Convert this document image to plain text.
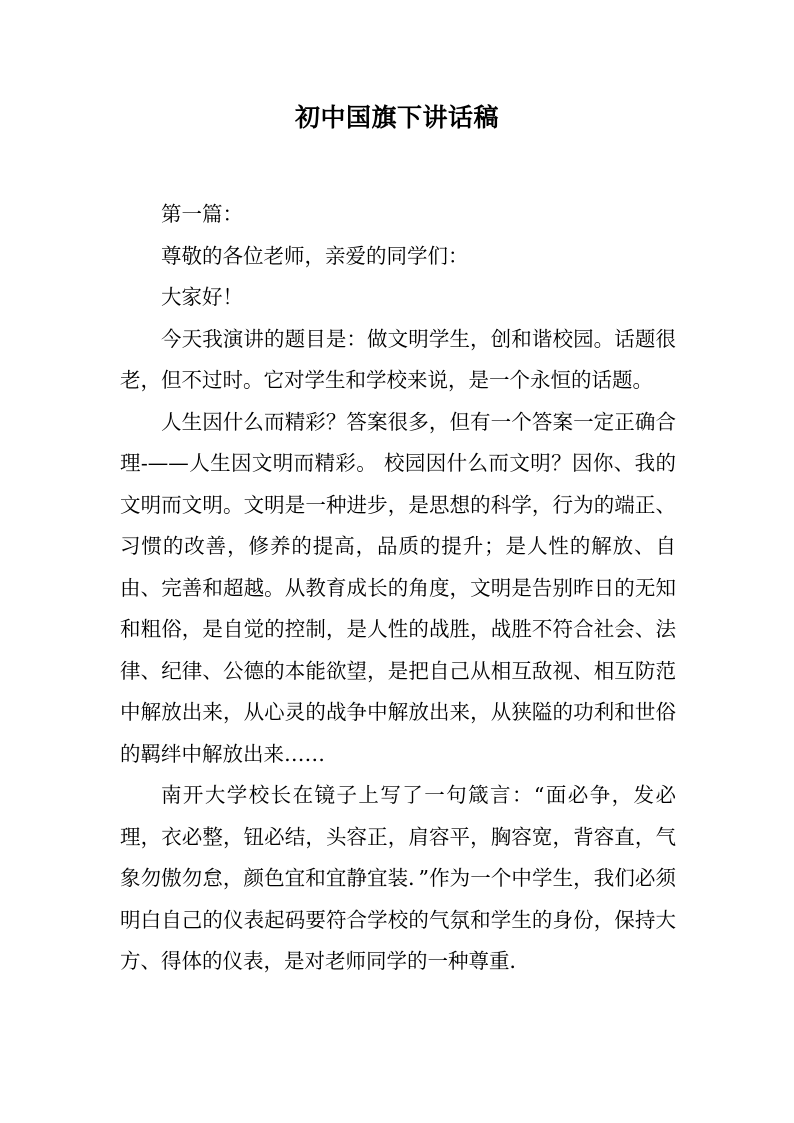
初中国旗下讲话稿

第一篇：

尊敬的各位老师，亲爱的同学们：

大家好！

今天我演讲的题目是：做文明学生，创和谐校园。话题很老，但不过时。它对学生和学校来说，是一个永恒的话题。

人生因什么而精彩？答案很多，但有一个答案一定正确合理-——人生因文明而精彩。 校园因什么而文明？因你、我的文明而文明。文明是一种进步，是思想的科学，行为的端正、习惯的改善，修养的提高，品质的提升；是人性的解放、自由、完善和超越。从教育成长的角度，文明是告别昨日的无知和粗俗，是自觉的控制，是人性的战胜，战胜不符合社会、法律、纪律、公德的本能欲望，是把自己从相互敌视、相互防范中解放出来，从心灵的战争中解放出来，从狭隘的功利和世俗的羁绊中解放出来……

南开大学校长在镜子上写了一句箴言：“面必争，发必理，衣必整，钮必结，头容正，肩容平，胸容宽，背容直，气象勿傲勿怠，颜色宜和宜静宜装．”作为一个中学生，我们必须明白自己的仪表起码要符合学校的气氛和学生的身份，保持大方、得体的仪表，是对老师同学的一种尊重．
